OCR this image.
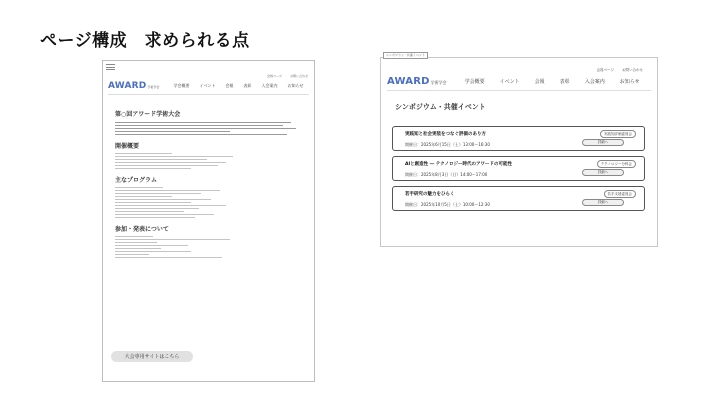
ページ構成　求められる点
会員ページ	お問い合わせ
AWARD 学術学会	学会概要	イベント	会報	表彰	入会案内	お知らせ
第○回アワード学術大会
開催概要
主なプログラム
参加・発表について
大会専用サイトはこちら
シンポジウム・共催イベント
会員ページ お問い合わせ
AWARD 学術学会	学会概要	イベント	会報	表彰	入会案内	お知らせ
シンポジウム・共催イベント
実践知と社会実装をつなぐ評価のあり方
開催日：2025年6月15日（土）13:00〜16:30
実践知評価委員会
詳細へ
AIと創造性 ― テクノロジー時代のアワードの可能性
開催日：2025年8月3日（日）14:00〜17:00
テクノロジー分科会
詳細へ
若手研究の魅力をひらく
開催日：2025年10月5日（土）10:00〜12:30
若手支援委員会
詳細へ
